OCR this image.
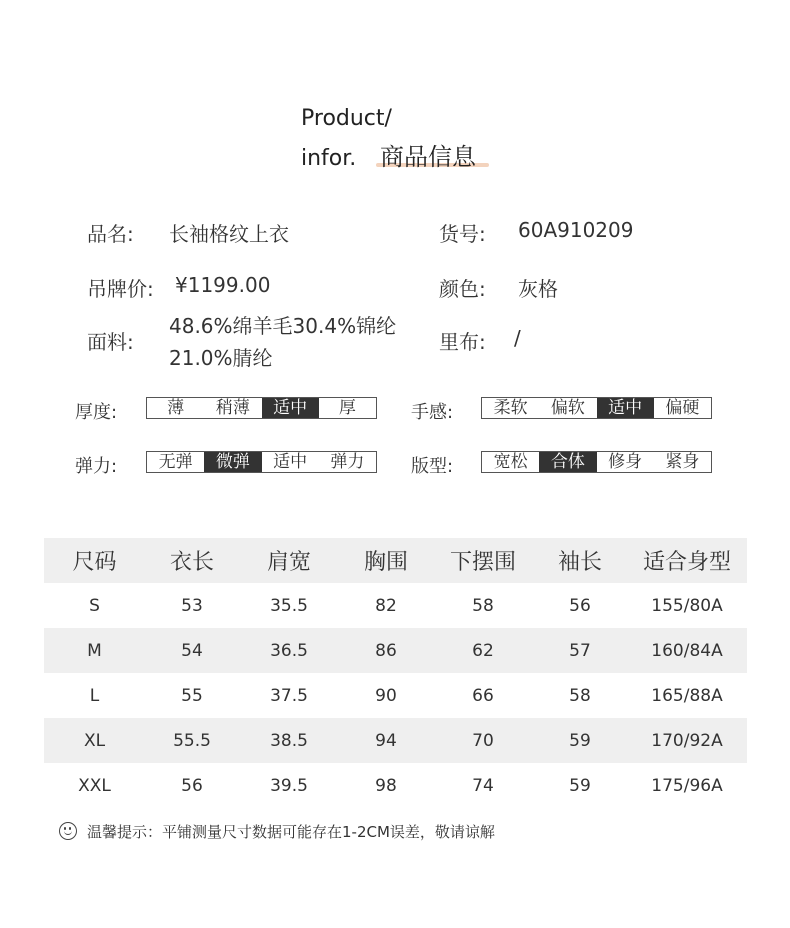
Product/
infor. 商品信息
品名: 长袖格纹上衣	货号: 60A910209
吊牌价: ¥1199.00	颜色: 灰格
面料:
48.6%绵羊毛30.4%锦纶
21.0%腈纶
里布: /
厚度:	薄	稍薄	适中	厚	手感:	柔软	偏软	适中	偏硬
弹力:	无弹	微弹	适中	弹力	版型:	宽松	合体	修身	紧身
尺码	衣长	肩宽	胸围	下摆围	袖长	适合身型
S	53	35.5	82	58	56	155/80A
M	54	36.5	86	62	57	160/84A
L	55	37.5	90	66	58	165/88A
XL	55.5	38.5	94	70	59	170/92A
XXL	56	39.5	98	74	59	175/96A
温馨提示：平铺测量尺寸数据可能存在1-2CM误差，敬请谅解
